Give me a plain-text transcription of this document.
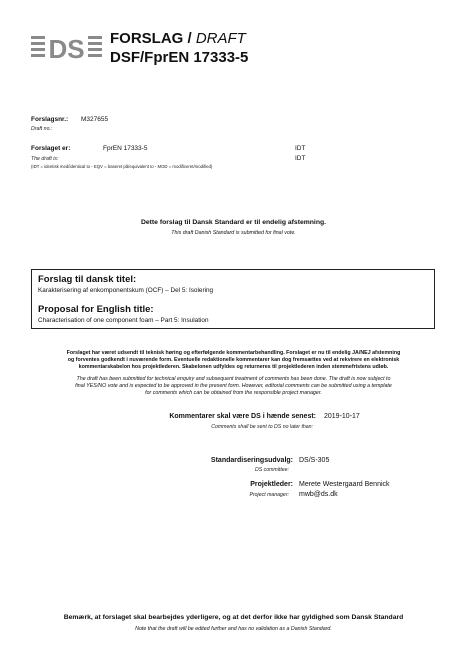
DS FORSLAG / DRAFT
DSF/FprEN 17333-5
Forslagsnr.: M327655
Draft no.:
Forslaget er:	FprEN 17333-5	IDT
The draft is:	IDT
(IDT = identisk med/identical to - EQV = baseret på/equivalent to - MOD = modificeret/modified)
Dette forslag til Dansk Standard er til endelig afstemning.
This draft Danish Standard is submitted for final vote.
Forslag til dansk titel:
Karakterisering af enkomponentskum (OCF) – Del 5: Isolering
Proposal for English title:
Characterisation of one component foam – Part 5: Insulation
Forslaget har været udsendt til teknisk høring og efterfølgende kommentarbehandling. Forslaget er nu til endelig JA/NEJ afstemning
og forventes godkendt i nuværende form. Eventuelle redaktionelle kommentarer kan dog fremsættes ved at rekvirere en elektronisk
kommentarskabelon hos projektlederen. Skabelonen udfyldes og returneres til projektlederen inden stemmefristens udløb.
The draft has been submitted for technical enquiry and subsequent treatment of comments has been done. The draft is now subject to
final YES/NO vote and is expected to be approved in the present form. However, editorial comments can be submitted using a template
for comments which can be obtained from the responsible project manager.
Kommentarer skal være DS i hænde senest: 2019-10-17
Comments shall be sent to DS no later than:
Standardiseringsudvalg: DS/S-305
DS committee:
Projektleder: Merete Westergaard Bennick
Project manager: mwb@ds.dk
Bemærk, at forslaget skal bearbejdes yderligere, og at det derfor ikke har gyldighed som Dansk Standard
Note that the draft will be edited further and has no validation as a Danish Standard.
